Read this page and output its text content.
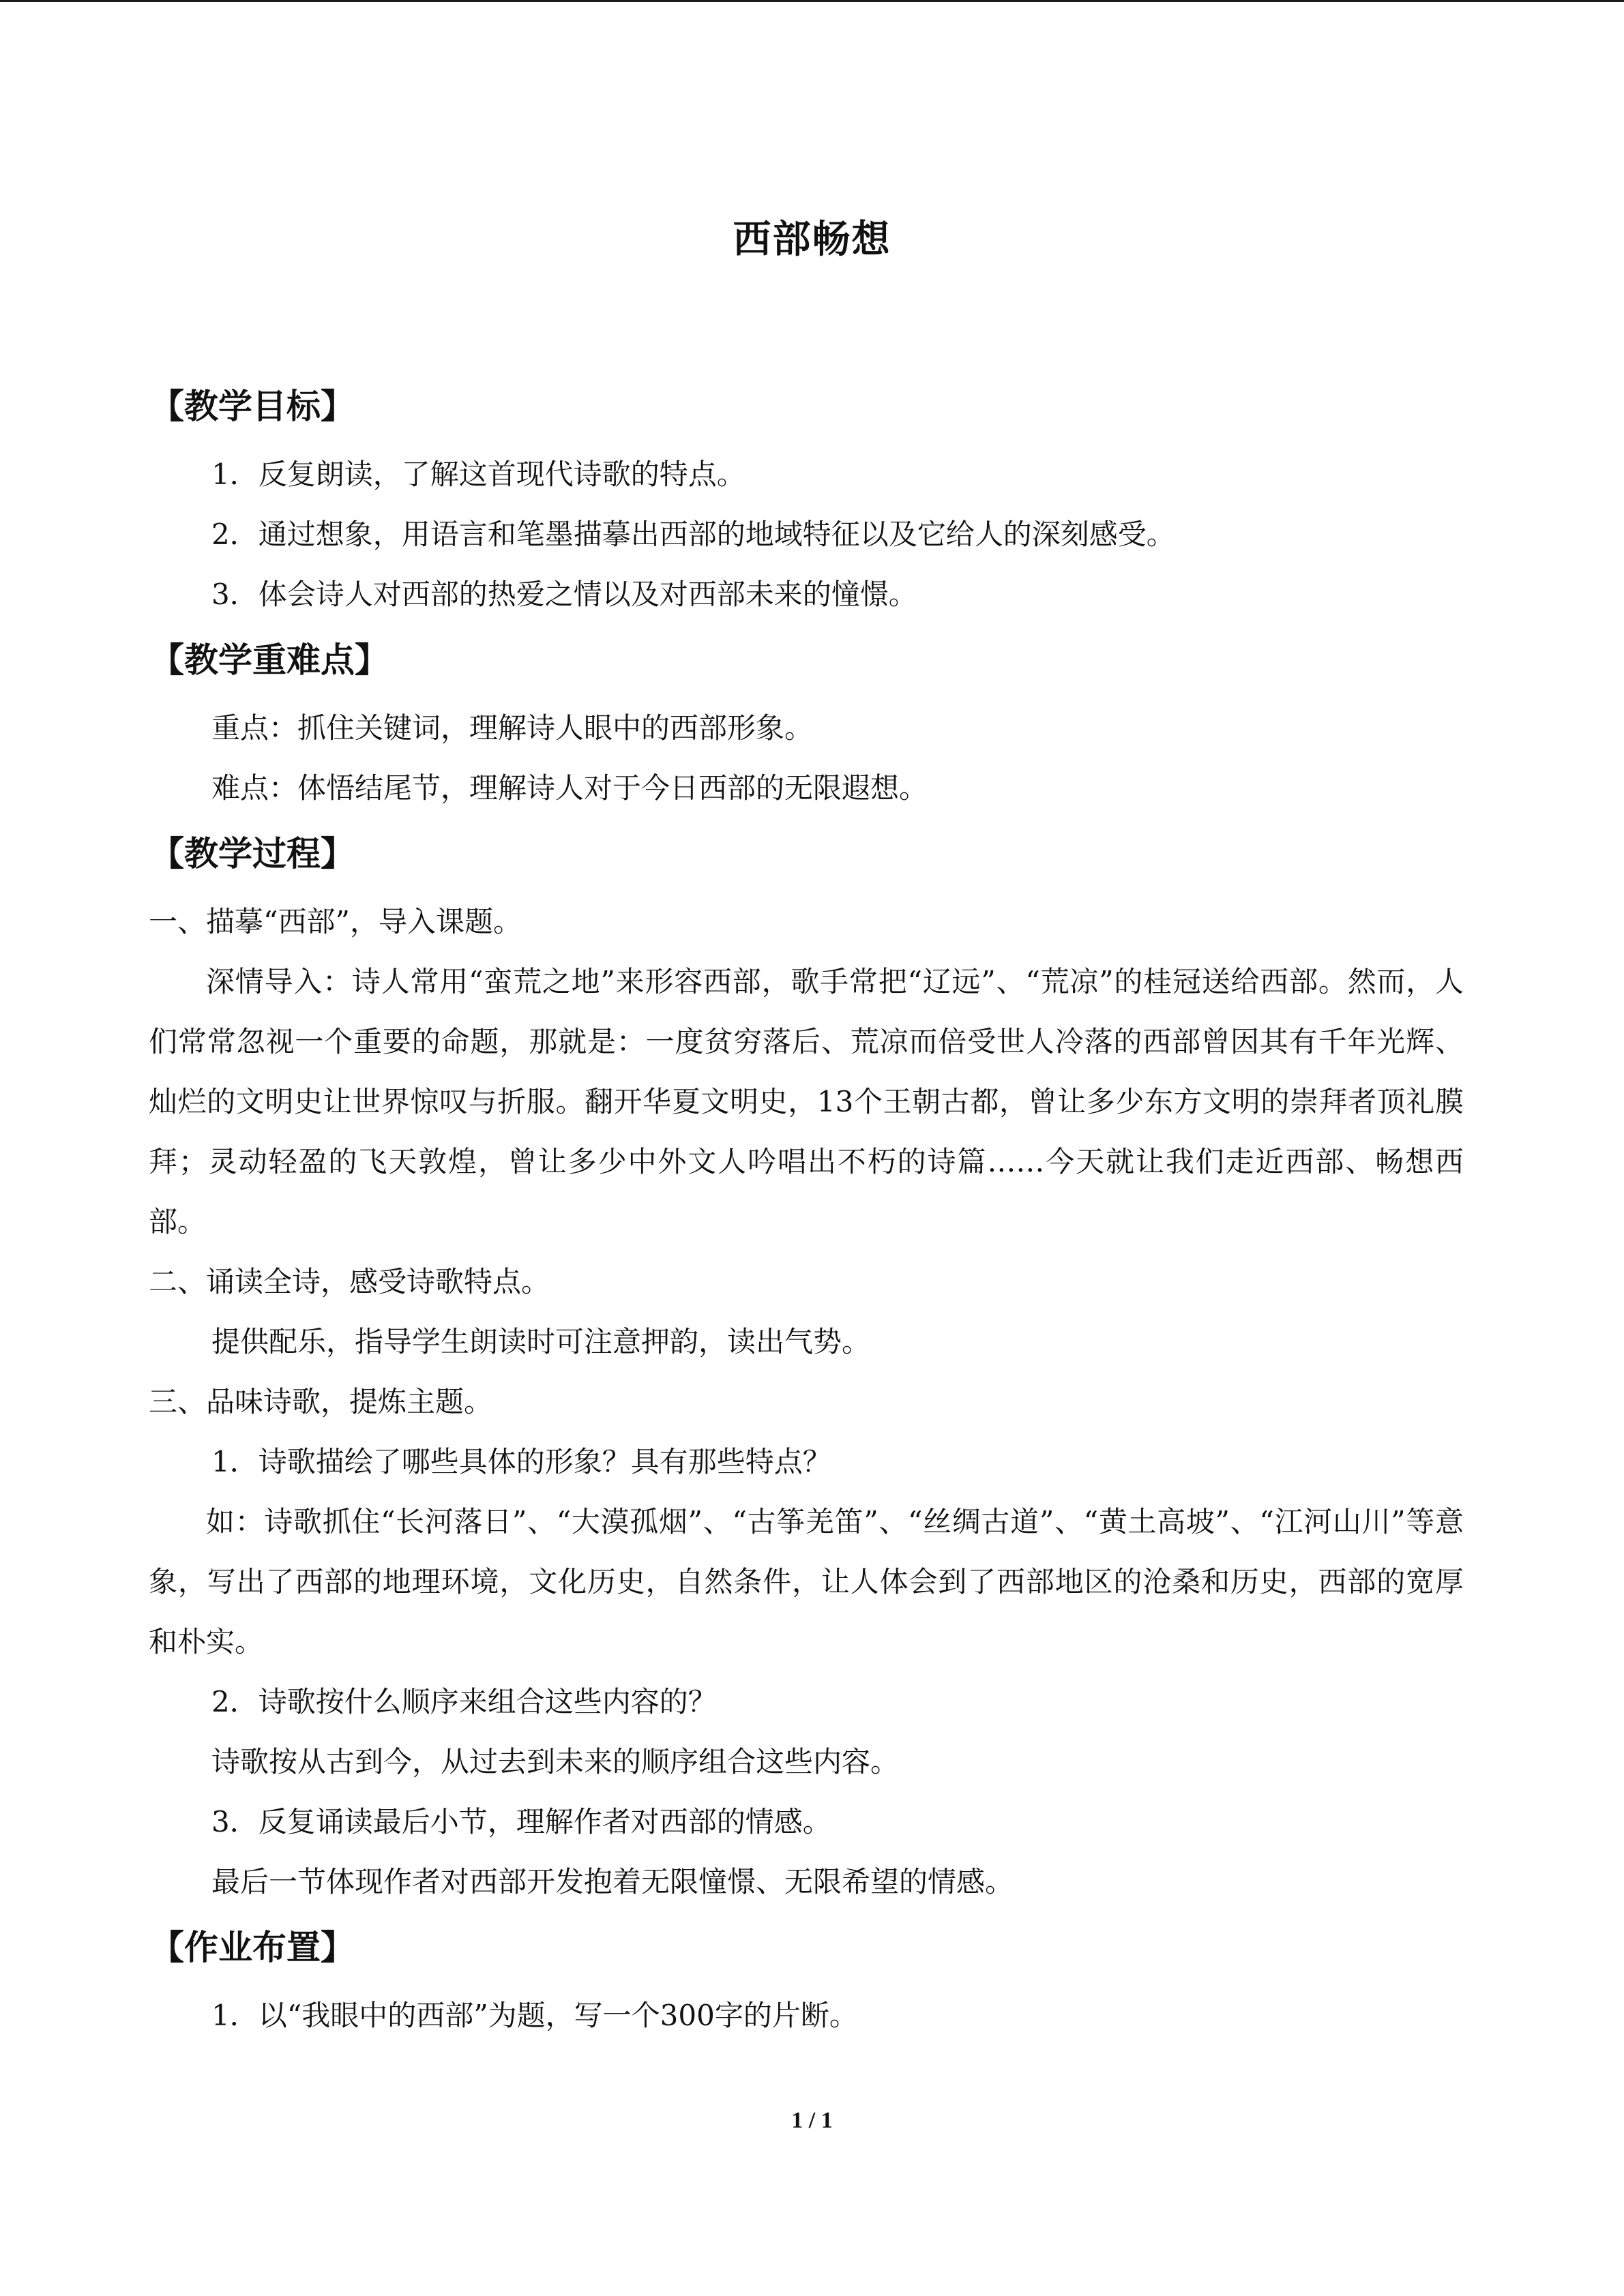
西部畅想
【教学目标】
1．反复朗读，了解这首现代诗歌的特点。
2．通过想象，用语言和笔墨描摹出西部的地域特征以及它给人的深刻感受。
3．体会诗人对西部的热爱之情以及对西部未来的憧憬。
【教学重难点】
重点：抓住关键词，理解诗人眼中的西部形象。
难点：体悟结尾节，理解诗人对于今日西部的无限遐想。
【教学过程】
一、描摹“西部”，导入课题。
深情导入：诗人常用“蛮荒之地”来形容西部，歌手常把“辽远”、“荒凉”的桂冠送给西部。然而，人们常常忽视一个重要的命题，那就是：一度贫穷落后、荒凉而倍受世人冷落的西部曾因其有千年光辉、灿烂的文明史让世界惊叹与折服。翻开华夏文明史，13个王朝古都，曾让多少东方文明的崇拜者顶礼膜拜；灵动轻盈的飞天敦煌，曾让多少中外文人吟唱出不朽的诗篇……今天就让我们走近西部、畅想西部。
二、诵读全诗，感受诗歌特点。
提供配乐，指导学生朗读时可注意押韵，读出气势。
三、品味诗歌，提炼主题。
1．诗歌描绘了哪些具体的形象？具有那些特点？
如：诗歌抓住“长河落日”、“大漠孤烟”、“古筝羌笛”、“丝绸古道”、“黄土高坡”、“江河山川”等意象，写出了西部的地理环境，文化历史，自然条件，让人体会到了西部地区的沧桑和历史，西部的宽厚和朴实。
2．诗歌按什么顺序来组合这些内容的？
诗歌按从古到今，从过去到未来的顺序组合这些内容。
3．反复诵读最后小节，理解作者对西部的情感。
最后一节体现作者对西部开发抱着无限憧憬、无限希望的情感。
【作业布置】
1．以“我眼中的西部”为题，写一个300字的片断。
1 / 1
